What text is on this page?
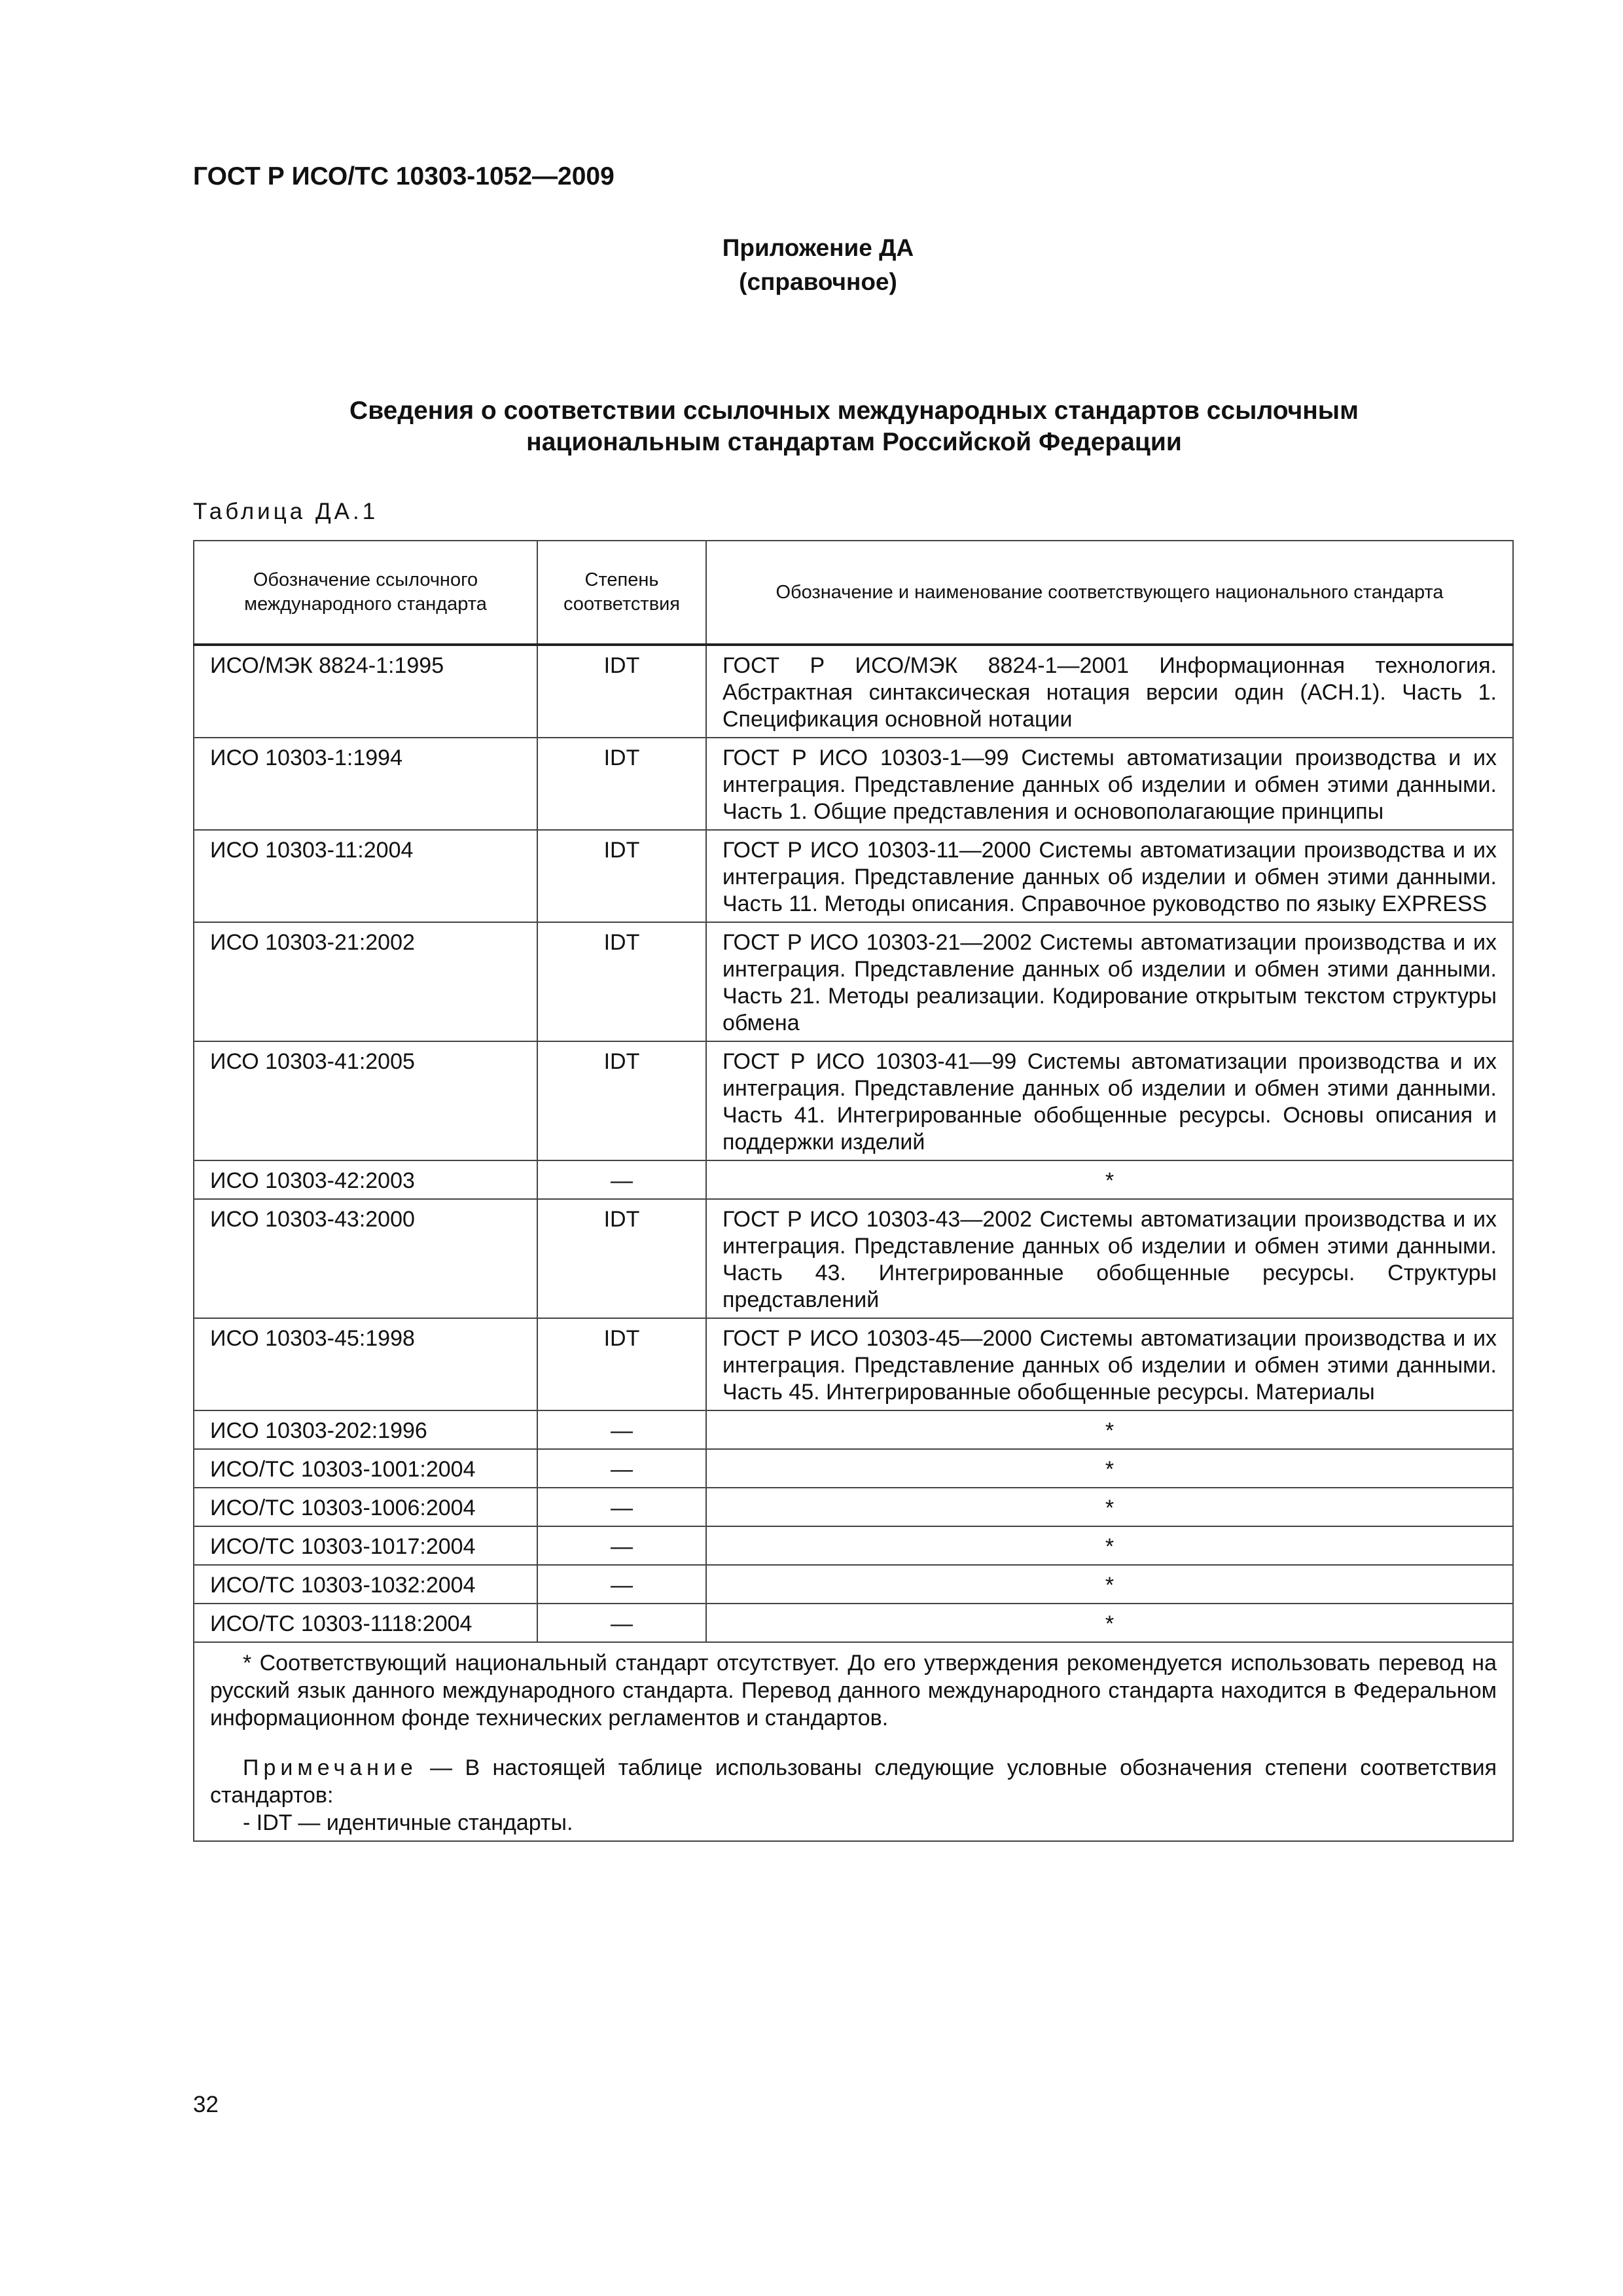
ГОСТ Р ИСО/ТС 10303-1052—2009
Приложение ДА
(справочное)
Сведения о соответствии ссылочных международных стандартов ссылочным
национальным стандартам Российской Федерации
Таблица ДА.1
Обозначение ссылочного международного стандарта	Степень соответствия	Обозначение и наименование соответствующего национального стандарта
ИСО/МЭК 8824-1:1995	IDT	ГОСТ Р ИСО/МЭК 8824-1—2001 Информационная технология. Абстрактная синтаксическая нотация версии один (АСН.1). Часть 1. Спецификация основной нотации
ИСО 10303-1:1994	IDT	ГОСТ Р ИСО 10303-1—99 Системы автоматизации производства и их интеграция. Представление данных об изделии и обмен этими данными. Часть 1. Общие представления и основополагающие принципы
ИСО 10303-11:2004	IDT	ГОСТ Р ИСО 10303-11—2000 Системы автоматизации производства и их интеграция. Представление данных об изделии и обмен этими данными. Часть 11. Методы описания. Справочное руководство по языку EXPRESS
ИСО 10303-21:2002	IDT	ГОСТ Р ИСО 10303-21—2002 Системы автоматизации производства и их интеграция. Представление данных об изделии и обмен этими данными. Часть 21. Методы реализации. Кодирование открытым текстом структуры обмена
ИСО 10303-41:2005	IDT	ГОСТ Р ИСО 10303-41—99 Системы автоматизации производства и их интеграция. Представление данных об изделии и обмен этими данными. Часть 41. Интегрированные обобщенные ресурсы. Основы описания и поддержки изделий
ИСО 10303-42:2003	—	*
ИСО 10303-43:2000	IDT	ГОСТ Р ИСО 10303-43—2002 Системы автоматизации производства и их интеграция. Представление данных об изделии и обмен этими данными. Часть 43. Интегрированные обобщенные ресурсы. Структуры представлений
ИСО 10303-45:1998	IDT	ГОСТ Р ИСО 10303-45—2000 Системы автоматизации производства и их интеграция. Представление данных об изделии и обмен этими данными. Часть 45. Интегрированные обобщенные ресурсы. Материалы
ИСО 10303-202:1996	—	*
ИСО/ТС 10303-1001:2004	—	*
ИСО/ТС 10303-1006:2004	—	*
ИСО/ТС 10303-1017:2004	—	*
ИСО/ТС 10303-1032:2004	—	*
ИСО/ТС 10303-1118:2004	—	*

* Соответствующий национальный стандарт отсутствует. До его утверждения рекомендуется использовать перевод на русский язык данного международного стандарта. Перевод данного международного стандарта находится в Федеральном информационном фонде технических регламентов и стандартов.

Примечание — В настоящей таблице использованы следующие условные обозначения степени соответствия стандартов:

- IDT — идентичные стандарты.		

32
